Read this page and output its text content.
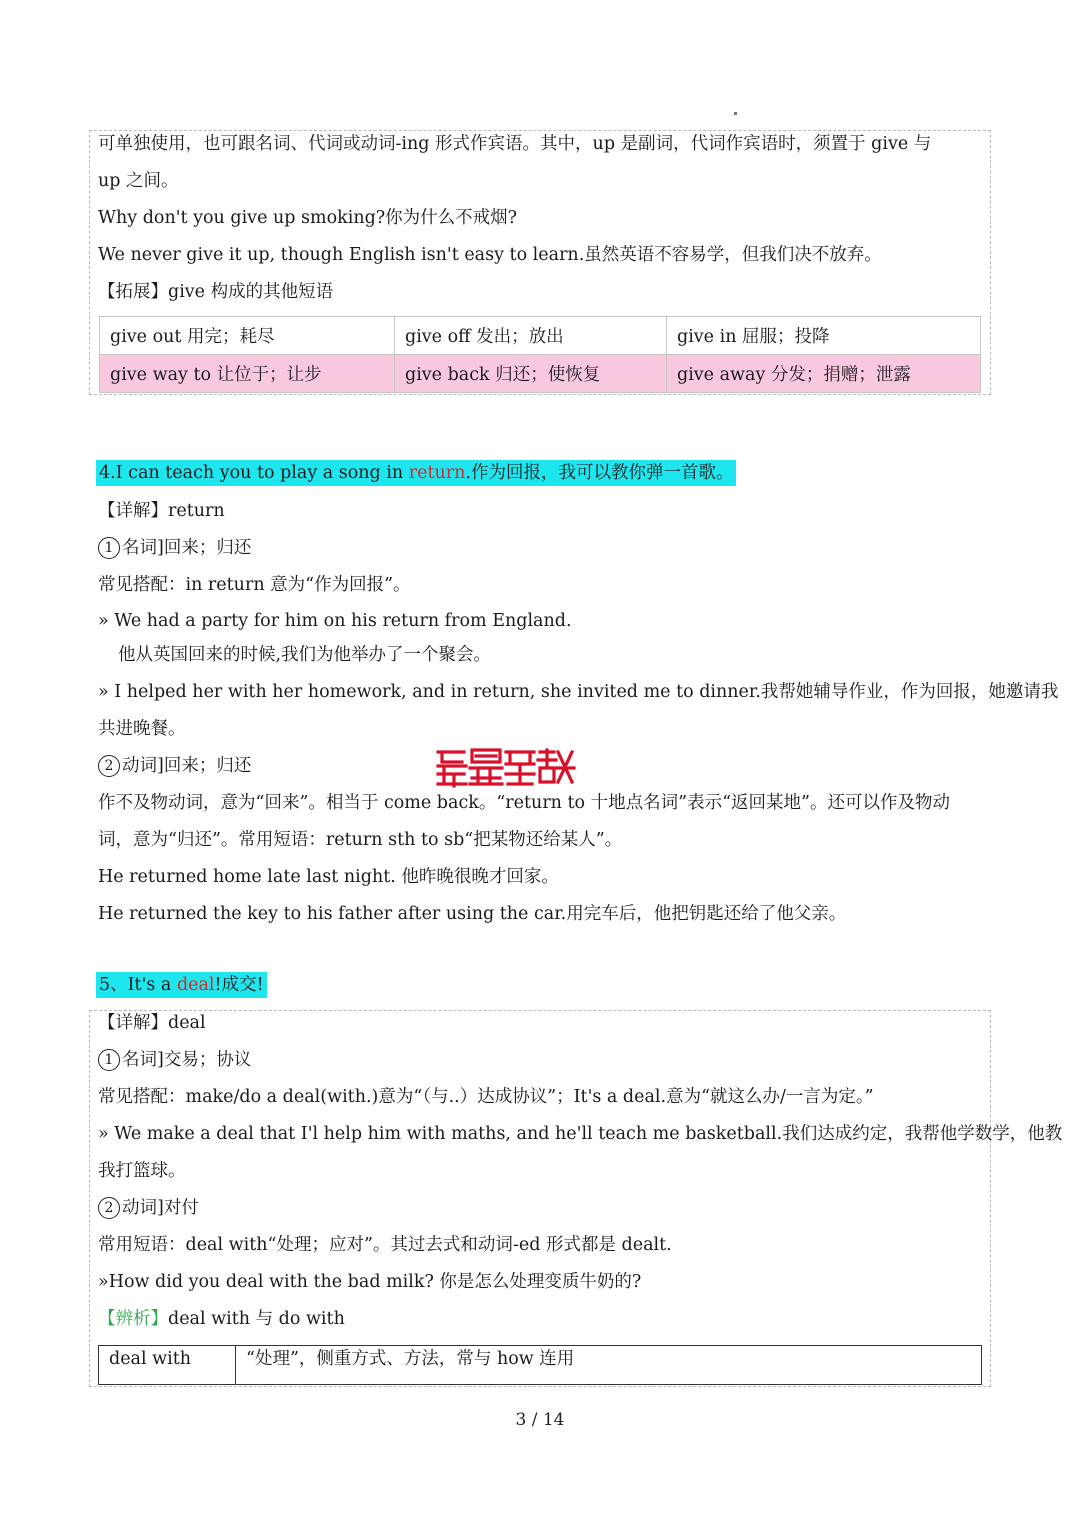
可单独使用，也可跟名词、代词或动词-ing 形式作宾语。其中，up 是副词，代词作宾语时，须置于 give 与
up 之间。
Why don't you give up smoking?你为什么不戒烟?
We never give it up, though English isn't easy to learn.虽然英语不容易学，但我们决不放弃。
【拓展】give 构成的其他短语
give out 用完；耗尽	give off 发出；放出	give in 屈服；投降
give way to 让位于；让步	give back 归还；使恢复	give away 分发；捐赠；泄露
4.I can teach you to play a song in return.作为回报，我可以教你弹一首歌。
【详解】return
1 名词]回来；归还
常见搭配：in return 意为“作为回报”。
» We had a party for him on his return from England.
他从英国回来的时候,我们为他举办了一个聚会。
» I helped her with her homework, and in return, she invited me to dinner.我帮她辅导作业，作为回报，她邀请我
共进晚餐。
2 动词]回来；归还
作不及物动词，意为“回来”。相当于 come back。“return to 十地点名词”表示“返回某地”。还可以作及物动
词，意为“归还”。常用短语：return sth to sb“把某物还给某人”。
He returned home late last night. 他昨晚很晚才回家。
He returned the key to his father after using the car.用完车后，他把钥匙还给了他父亲。
5、It's a deal!成交!
【详解】deal
1 名词]交易；协议
常见搭配：make/do a deal(with.)意为“（与..）达成协议”；It's a deal.意为“就这么办/一言为定。”
» We make a deal that I'l help him with maths, and he'll teach me basketball.我们达成约定，我帮他学数学，他教
我打篮球。
2 动词]对付
常用短语：deal with“处理；应对”。其过去式和动词-ed 形式都是 dealt.
»How did you deal with the bad milk? 你是怎么处理变质牛奶的?
【辨析】deal with 与 do with
deal with	“处理”，侧重方式、方法，常与 how 连用
3 / 14
